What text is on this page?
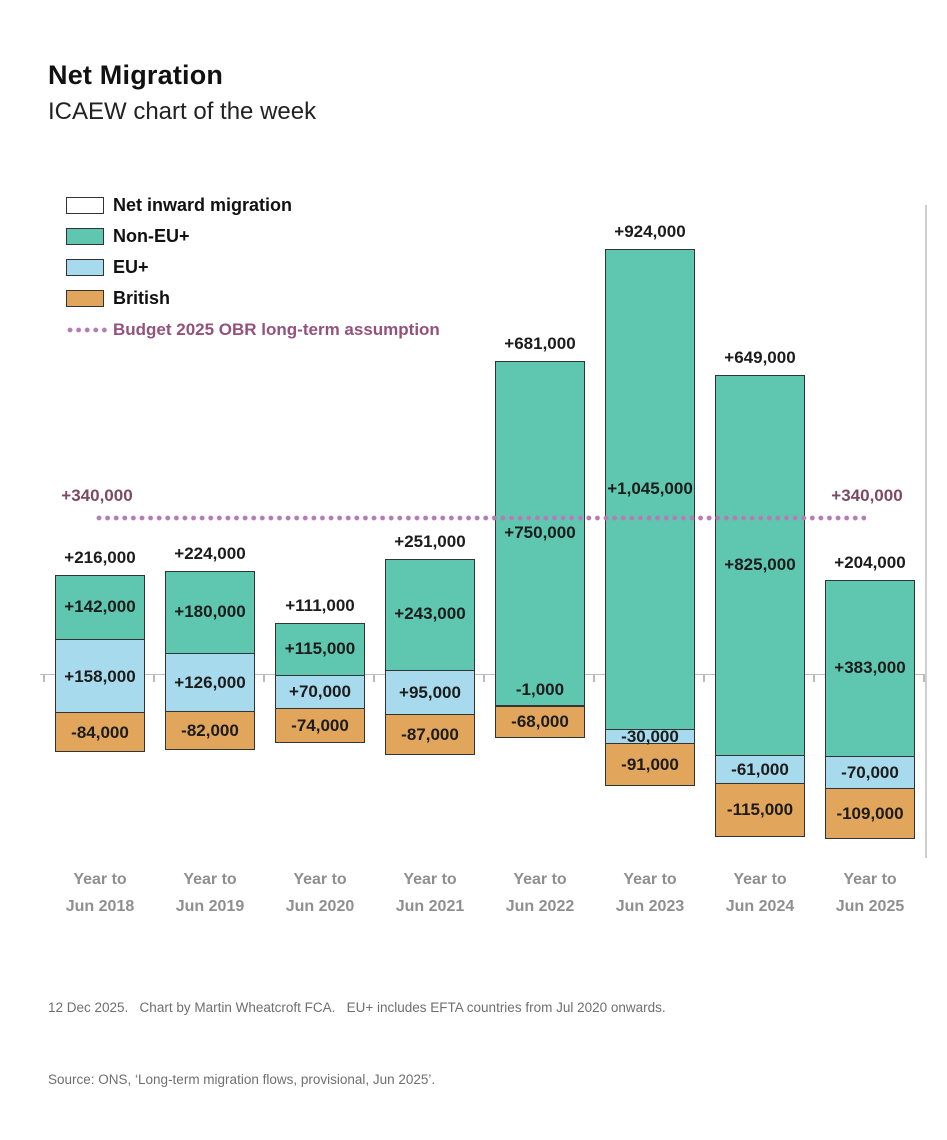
Net Migration
ICAEW chart of the week
Net inward migration
Non-EU+
EU+
British
Budget 2025 OBR long-term assumption
+142,000
+158,000
-84,000
+216,000
Year to
Jun 2018
+180,000
+126,000
-82,000
+224,000
Year to
Jun 2019
+115,000
+70,000
-74,000
+111,000
Year to
Jun 2020
+243,000
+95,000
-87,000
+251,000
Year to
Jun 2021
+750,000
-1,000
-68,000
+681,000
Year to
Jun 2022
+1,045,000
-30,000
-91,000
+924,000
Year to
Jun 2023
+825,000
-61,000
-115,000
+649,000
Year to
Jun 2024
+383,000
-70,000
-109,000
+204,000
Year to
Jun 2025
+340,000	+340,000

12 Dec 2025.   Chart by Martin Wheatcroft FCA.   EU+ includes EFTA countries from Jul 2020 onwards.

Source: ONS, ‘Long-term migration flows, provisional, Jun 2025’.
